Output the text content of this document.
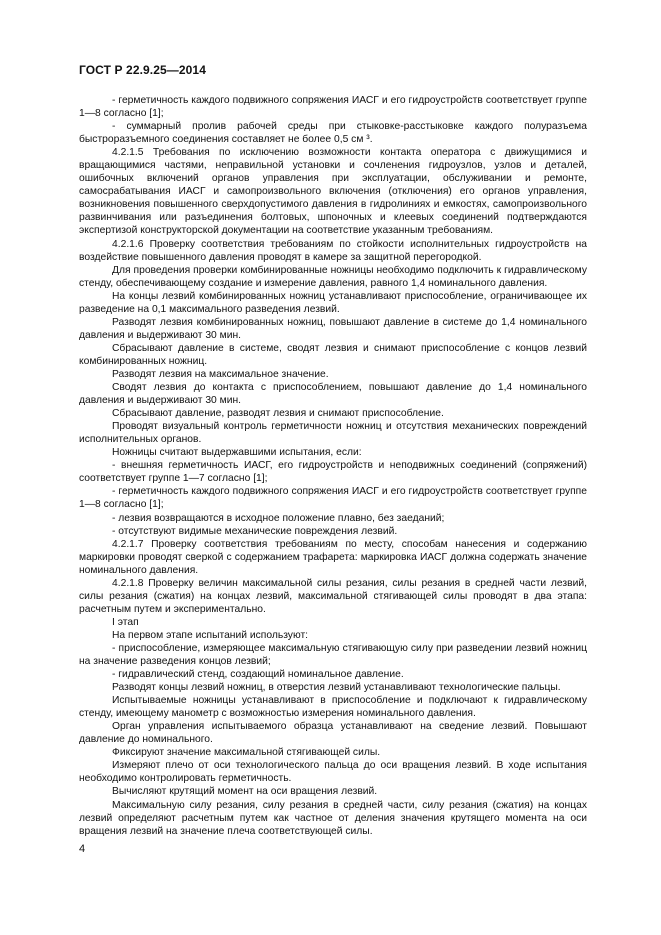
ГОСТ Р 22.9.25—2014

- герметичность каждого подвижного сопряжения ИАСГ и его гидроустройств соответствует группе 1—8 согласно [1];

- суммарный пролив рабочей среды при стыковке-расстыковке каждого полуразъема быстроразъемного соединения составляет не более 0,5 см ³.

4.2.1.5 Требования по исключению возможности контакта оператора с движущимися и вращающимися частями, неправильной установки и сочленения гидроузлов, узлов и деталей, ошибочных включений органов управления при эксплуатации, обслуживании и ремонте, самосрабатывания ИАСГ и самопроизвольного включения (отключения) его органов управления, возникновения повышенного сверхдопустимого давления в гидролиниях и емкостях, самопроизвольного развинчивания или разъединения болтовых, шпоночных и клеевых соединений подтверждаются экспертизой конструкторской документации на соответствие указанным требованиям.

4.2.1.6 Проверку соответствия требованиям по стойкости исполнительных гидроустройств на воздействие повышенного давления проводят в камере за защитной перегородкой.

Для проведения проверки комбинированные ножницы необходимо подключить к гидравлическому стенду, обеспечивающему создание и измерение давления, равного 1,4 номинального давления.

На концы лезвий комбинированных ножниц устанавливают приспособление, ограничивающее их разведение на 0,1 максимального разведения лезвий.

Разводят лезвия комбинированных ножниц, повышают давление в системе до 1,4 номинального давления и выдерживают 30 мин.

Сбрасывают давление в системе, сводят лезвия и снимают приспособление с концов лезвий комбинированных ножниц.

Разводят лезвия на максимальное значение.

Сводят лезвия до контакта с приспособлением, повышают давление до 1,4 номинального давления и выдерживают 30 мин.

Сбрасывают давление, разводят лезвия и снимают приспособление.

Проводят визуальный контроль герметичности ножниц и отсутствия механических повреждений исполнительных органов.

Ножницы считают выдержавшими испытания, если:

- внешняя герметичность ИАСГ, его гидроустройств и неподвижных соединений (сопряжений) соответствует группе 1—7 согласно [1];

- герметичность каждого подвижного сопряжения ИАСГ и его гидроустройств соответствует группе 1—8 согласно [1];

- лезвия возвращаются в исходное положение плавно, без заеданий;

- отсутствуют видимые механические повреждения лезвий.

4.2.1.7 Проверку соответствия требованиям по месту, способам нанесения и содержанию маркировки проводят сверкой с содержанием трафарета: маркировка ИАСГ должна содержать значение номинального давления.

4.2.1.8 Проверку величин максимальной силы резания, силы резания в средней части лезвий, силы резания (сжатия) на концах лезвий, максимальной стягивающей силы проводят в два этапа: расчетным путем и экспериментально.

I этап

На первом этапе испытаний используют:

- приспособление, измеряющее максимальную стягивающую силу при разведении лезвий ножниц на значение разведения концов лезвий;

- гидравлический стенд, создающий номинальное давление.

Разводят концы лезвий ножниц, в отверстия лезвий устанавливают технологические пальцы.

Испытываемые ножницы устанавливают в приспособление и подключают к гидравлическому стенду, имеющему манометр с возможностью измерения номинального давления.

Орган управления испытываемого образца устанавливают на сведение лезвий. Повышают давление до номинального.

Фиксируют значение максимальной стягивающей силы.

Измеряют плечо от оси технологического пальца до оси вращения лезвий. В ходе испытания необходимо контролировать герметичность.

Вычисляют крутящий момент на оси вращения лезвий.

Максимальную силу резания, силу резания в средней части, силу резания (сжатия) на концах лезвий определяют расчетным путем как частное от деления значения крутящего момента на оси вращения лезвий на значение плеча соответствующей силы.

4
